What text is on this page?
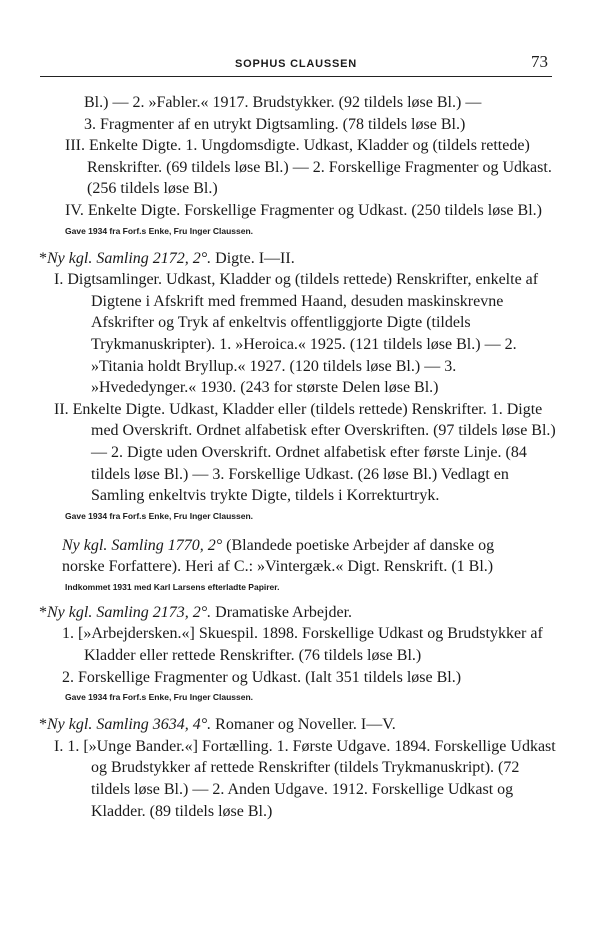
SOPHUS CLAUSSEN	73
Bl.) — 2. »Fabler.« 1917. Brudstykker. (92 tildels løse Bl.) —
3. Fragmenter af en utrykt Digtsamling. (78 tildels løse Bl.)
III. Enkelte Digte. 1. Ungdomsdigte. Udkast, Kladder og (tildels rettede) Renskrifter. (69 tildels løse Bl.) — 2. Forskellige Fragmenter og Udkast. (256 tildels løse Bl.)
IV. Enkelte Digte. Forskellige Fragmenter og Udkast. (250 tildels løse Bl.)
Gave 1934 fra Forf.s Enke, Fru Inger Claussen.
*Ny kgl. Samling 2172, 2°. Digte. I—II.
I. Digtsamlinger. Udkast, Kladder og (tildels rettede) Renskrifter, enkelte af Digtene i Afskrift med fremmed Haand, desuden maskinskrevne Afskrifter og Tryk af enkeltvis offentliggjorte Digte (tildels Trykmanuskripter). 1. »Heroica.« 1925. (121 tildels løse Bl.) — 2. »Titania holdt Bryllup.« 1927. (120 tildels løse Bl.) — 3. »Hvededynger.« 1930. (243 for største Delen løse Bl.)
II. Enkelte Digte. Udkast, Kladder eller (tildels rettede) Renskrifter. 1. Digte med Overskrift. Ordnet alfabetisk efter Overskriften. (97 tildels løse Bl.) — 2. Digte uden Overskrift. Ordnet alfabetisk efter første Linje. (84 tildels løse Bl.) — 3. Forskellige Udkast. (26 løse Bl.) Vedlagt en Samling enkeltvis trykte Digte, tildels i Korrekturtryk.
Gave 1934 fra Forf.s Enke, Fru Inger Claussen.
Ny kgl. Samling 1770, 2° (Blandede poetiske Arbejder af danske og norske Forfattere). Heri af C.: »Vintergæk.« Digt. Renskrift. (1 Bl.)
Indkommet 1931 med Karl Larsens efterladte Papirer.
*Ny kgl. Samling 2173, 2°. Dramatiske Arbejder.
1. [»Arbejdersken.«] Skuespil. 1898. Forskellige Udkast og Brudstykker af Kladder eller rettede Renskrifter. (76 tildels løse Bl.)
2. Forskellige Fragmenter og Udkast. (Ialt 351 tildels løse Bl.)
Gave 1934 fra Forf.s Enke, Fru Inger Claussen.
*Ny kgl. Samling 3634, 4°. Romaner og Noveller. I—V.
I. 1. [»Unge Bander.«] Fortælling. 1. Første Udgave. 1894. Forskellige Udkast og Brudstykker af rettede Renskrifter (tildels Trykmanuskript). (72 tildels løse Bl.) — 2. Anden Udgave. 1912. Forskellige Udkast og Kladder. (89 tildels løse Bl.)
